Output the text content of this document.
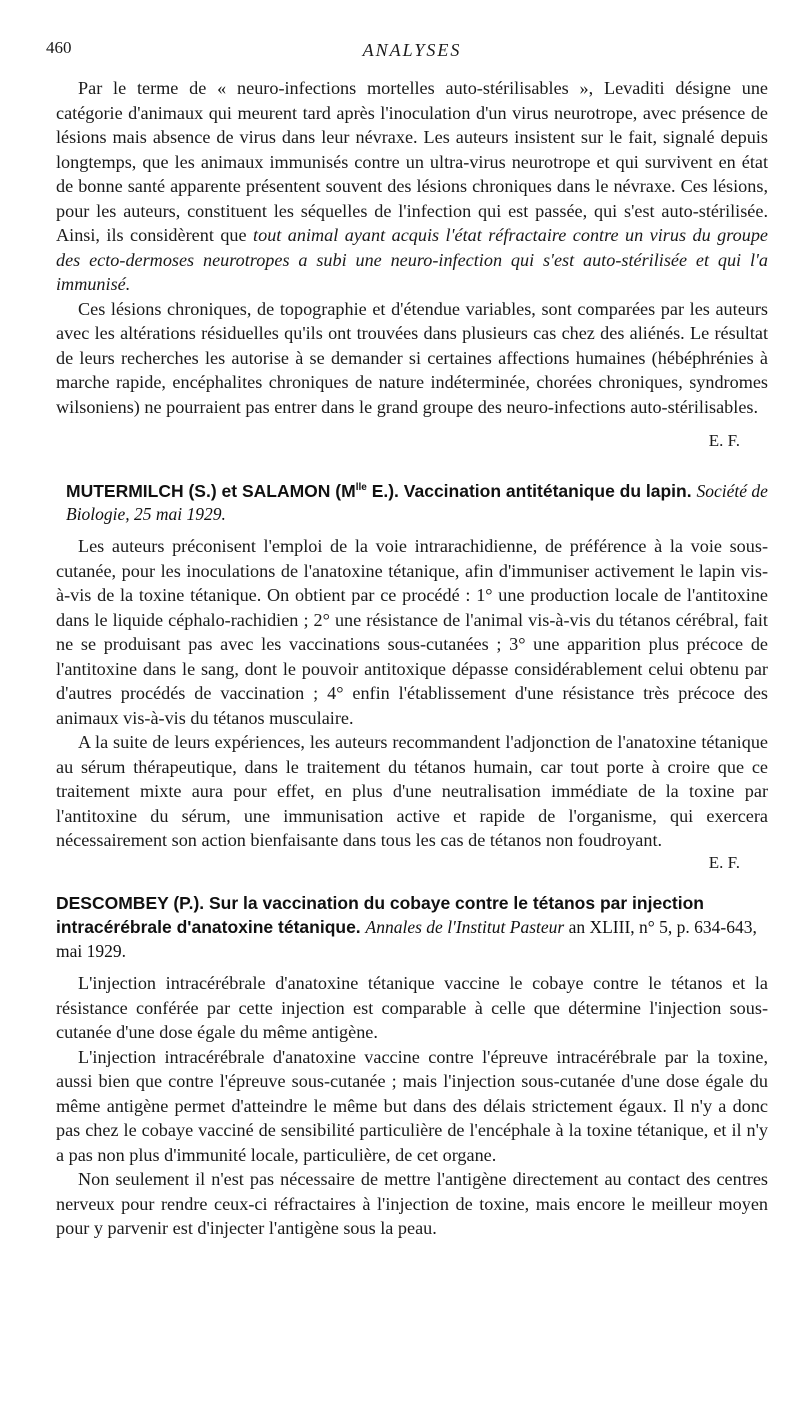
460	ANALYSES

Par le terme de « neuro-infections mortelles auto-stérilisables », Levaditi désigne une catégorie d'animaux qui meurent tard après l'inoculation d'un virus neurotrope, avec présence de lésions mais absence de virus dans leur névraxe. Les auteurs insistent sur le fait, signalé depuis longtemps, que les animaux immunisés contre un ultra-virus neurotrope et qui survivent en état de bonne santé apparente présentent souvent des lésions chroniques dans le névraxe. Ces lésions, pour les auteurs, constituent les séquelles de l'infection qui est passée, qui s'est auto-stérilisée. Ainsi, ils considèrent que tout animal ayant acquis l'état réfractaire contre un virus du groupe des ecto-dermoses neurotropes a subi une neuro-infection qui s'est auto-stérilisée et qui l'a immunisé.

Ces lésions chroniques, de topographie et d'étendue variables, sont comparées par les auteurs avec les altérations résiduelles qu'ils ont trouvées dans plusieurs cas chez des aliénés. Le résultat de leurs recherches les autorise à se demander si certaines affections humaines (hébéphrénies à marche rapide, encéphalites chroniques de nature indéterminée, chorées chroniques, syndromes wilsoniens) ne pourraient pas entrer dans le grand groupe des neuro-infections auto-stérilisables.

E. F.

MUTERMILCH (S.) et SALAMON ($M^{lle}$ E.). Vaccination antitétanique du lapin. Société de Biologie, 25 mai 1929.

Les auteurs préconisent l'emploi de la voie intrarachidienne, de préférence à la voie sous-cutanée, pour les inoculations de l'anatoxine tétanique, afin d'immuniser activement le lapin vis-à-vis de la toxine tétanique. On obtient par ce procédé : 1° une production locale de l'antitoxine dans le liquide céphalo-rachidien ; 2° une résistance de l'animal vis-à-vis du tétanos cérébral, fait ne se produisant pas avec les vaccinations sous-cutanées ; 3° une apparition plus précoce de l'antitoxine dans le sang, dont le pouvoir antitoxique dépasse considérablement celui obtenu par d'autres procédés de vaccination ; 4° enfin l'établissement d'une résistance très précoce des animaux vis-à-vis du tétanos musculaire.

A la suite de leurs expériences, les auteurs recommandent l'adjonction de l'anatoxine tétanique au sérum thérapeutique, dans le traitement du tétanos humain, car tout porte à croire que ce traitement mixte aura pour effet, en plus d'une neutralisation immédiate de la toxine par l'antitoxine du sérum, une immunisation active et rapide de l'organisme, qui exercera nécessairement son action bienfaisante dans tous les cas de tétanos non foudroyant.

E. F.

DESCOMBEY (P.). Sur la vaccination du cobaye contre le tétanos par injection intracérébrale d'anatoxine tétanique. Annales de l'Institut Pasteur an XLIII, n° 5, p. 634-643, mai 1929.

L'injection intracérébrale d'anatoxine tétanique vaccine le cobaye contre le tétanos et la résistance conférée par cette injection est comparable à celle que détermine l'injection sous-cutanée d'une dose égale du même antigène.

L'injection intracérébrale d'anatoxine vaccine contre l'épreuve intracérébrale par la toxine, aussi bien que contre l'épreuve sous-cutanée ; mais l'injection sous-cutanée d'une dose égale du même antigène permet d'atteindre le même but dans des délais strictement égaux. Il n'y a donc pas chez le cobaye vacciné de sensibilité particulière de l'encéphale à la toxine tétanique, et il n'y a pas non plus d'immunité locale, particulière, de cet organe.

Non seulement il n'est pas nécessaire de mettre l'antigène directement au contact des centres nerveux pour rendre ceux-ci réfractaires à l'injection de toxine, mais encore le meilleur moyen pour y parvenir est d'injecter l'antigène sous la peau.
